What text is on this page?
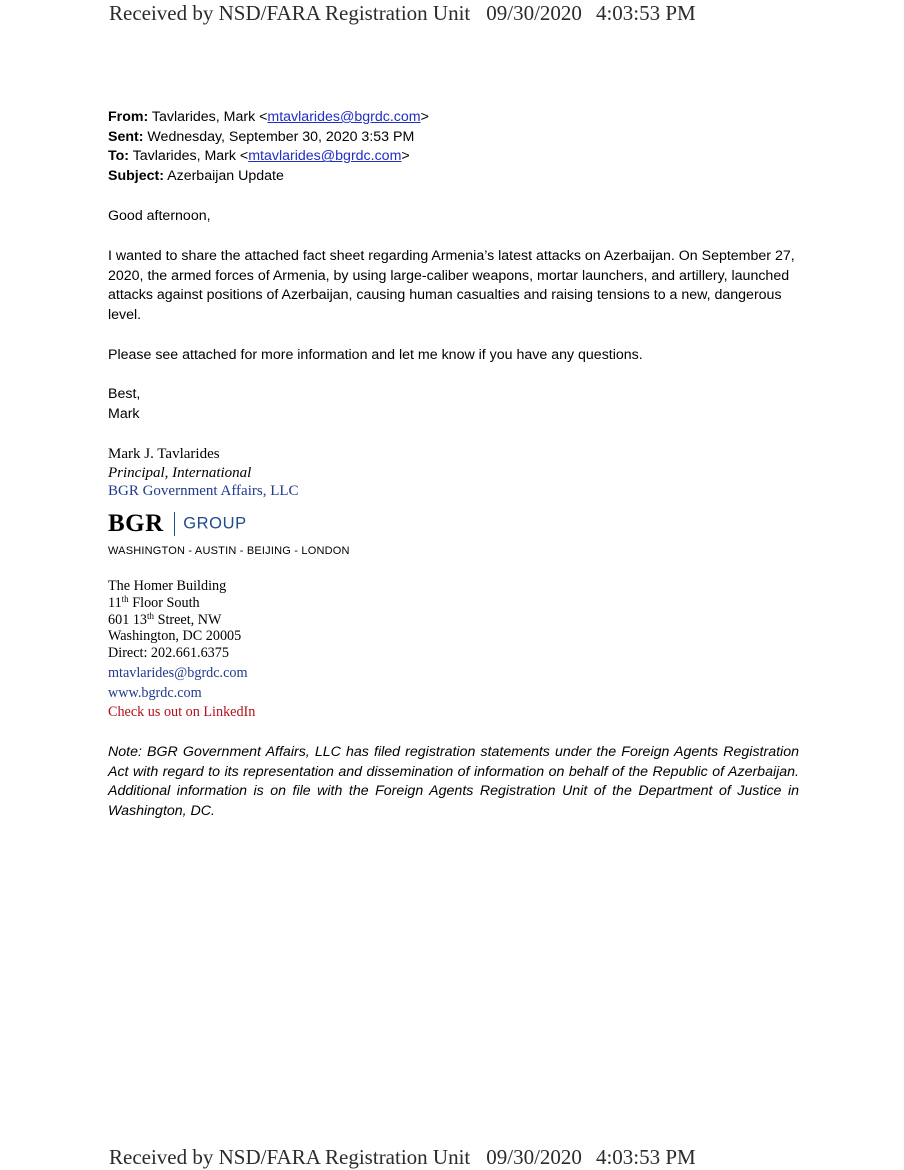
Received by NSD/FARA Registration Unit 09/30/2020 4:03:53 PM
From: Tavlarides, Mark <mtavlarides@bgrdc.com>
Sent: Wednesday, September 30, 2020 3:53 PM
To: Tavlarides, Mark <mtavlarides@bgrdc.com>
Subject: Azerbaijan Update
Good afternoon,
I wanted to share the attached fact sheet regarding Armenia’s latest attacks on Azerbaijan. On September 27, 2020, the armed forces of Armenia, by using large-caliber weapons, mortar launchers, and artillery, launched attacks against positions of Azerbaijan, causing human casualties and raising tensions to a new, dangerous level.
Please see attached for more information and let me know if you have any questions.
Best,
Mark
Mark J. Tavlarides
Principal, International
BGR Government Affairs, LLC
BGR GROUP
WASHINGTON - AUSTIN - BEIJING - LONDON
The Homer Building
11th Floor South
601 13th Street, NW
Washington, DC 20005
Direct: 202.661.6375
mtavlarides@bgrdc.com
www.bgrdc.com
Check us out on LinkedIn
Note: BGR Government Affairs, LLC has filed registration statements under the Foreign Agents Registration Act with regard to its representation and dissemination of information on behalf of the Republic of Azerbaijan. Additional information is on file with the Foreign Agents Registration Unit of the Department of Justice in Washington, DC.
Received by NSD/FARA Registration Unit 09/30/2020 4:03:53 PM
